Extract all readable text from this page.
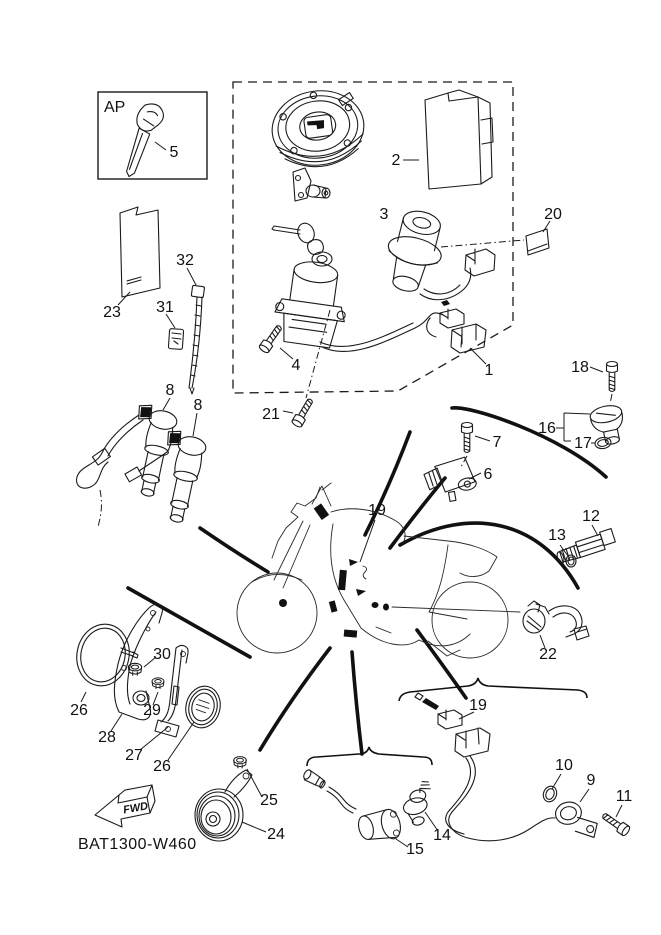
AP
FWD
BAT1300-W460
5
23 31
32
2
3	20
4	1
21
18
16
17
7
6
8
8
19	12
13
22
26
30
29
28
27
26
25
24
15
14
19
10
9
11
